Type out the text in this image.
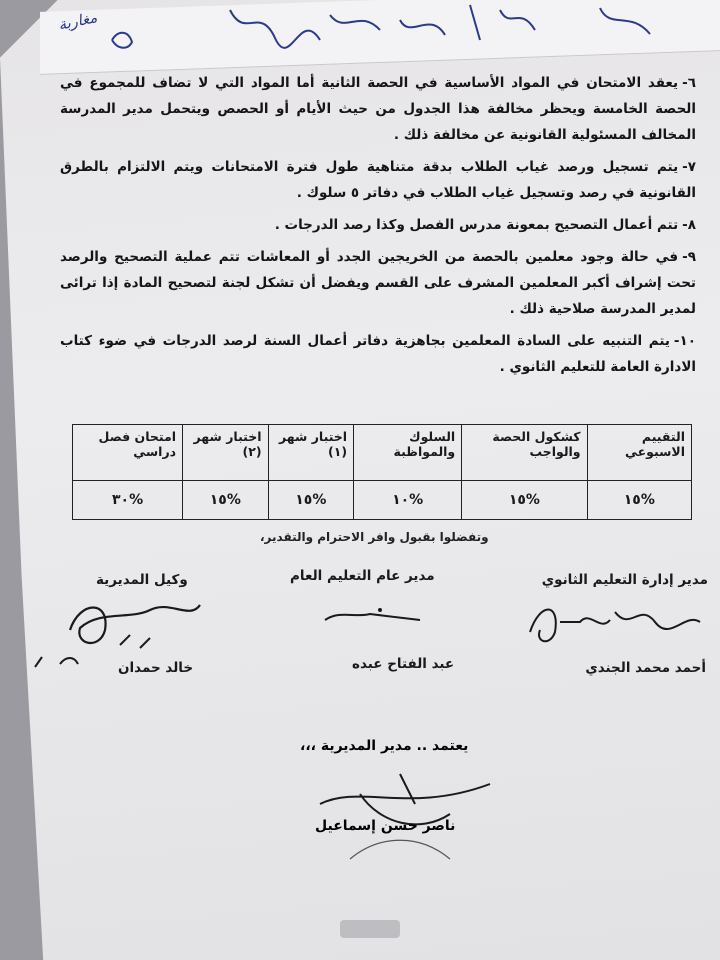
مغاربة
٦-يعقد الامتحان في المواد الأساسية في الحصة الثانية أما المواد التي لا تضاف للمجموع في الحصة الخامسة ويحظر مخالفة هذا الجدول من حيث الأيام أو الحصص ويتحمل مدير المدرسة المخالف المسئولية القانونية عن مخالفة ذلك .
٧-يتم تسجيل ورصد غياب الطلاب بدقة متناهية طول فترة الامتحانات ويتم الالتزام بالطرق القانونية في رصد وتسجيل غياب الطلاب في دفاتر ٥ سلوك .
٨-تتم أعمال التصحيح بمعونة مدرس الفصل وكذا رصد الدرجات .
٩-في حالة وجود معلمين بالحصة من الخريجين الجدد أو المعاشات تتم عملية التصحيح والرصد تحت إشراف أكبر المعلمين المشرف على القسم ويفضل أن تشكل لجنة لتصحيح المادة إذا ترائى لمدير المدرسة صلاحية ذلك .
١٠-يتم التنبيه على السادة المعلمين بجاهزية دفاتر أعمال السنة لرصد الدرجات في ضوء كتاب الادارة العامة للتعليم الثانوي .
التقييم الاسبوعي	كشكول الحصة والواجب	السلوك والمواظبة	اختبار شهر (١)	اختبار شهر (٢)	امتحان فصل دراسي
%١٥	%١٥	%١٠	%١٥	%١٥	%٣٠
وتفضلوا بقبول وافر الاحترام والتقدير،
مدير إدارة التعليم الثانوي
مدير عام التعليم العام
وكيل المديرية
أحمد محمد الجندي
عبد الفتاح عبده
خالد حمدان
يعتمد .. مدير المديرية ،،،
ناصر حسن إسماعيل
